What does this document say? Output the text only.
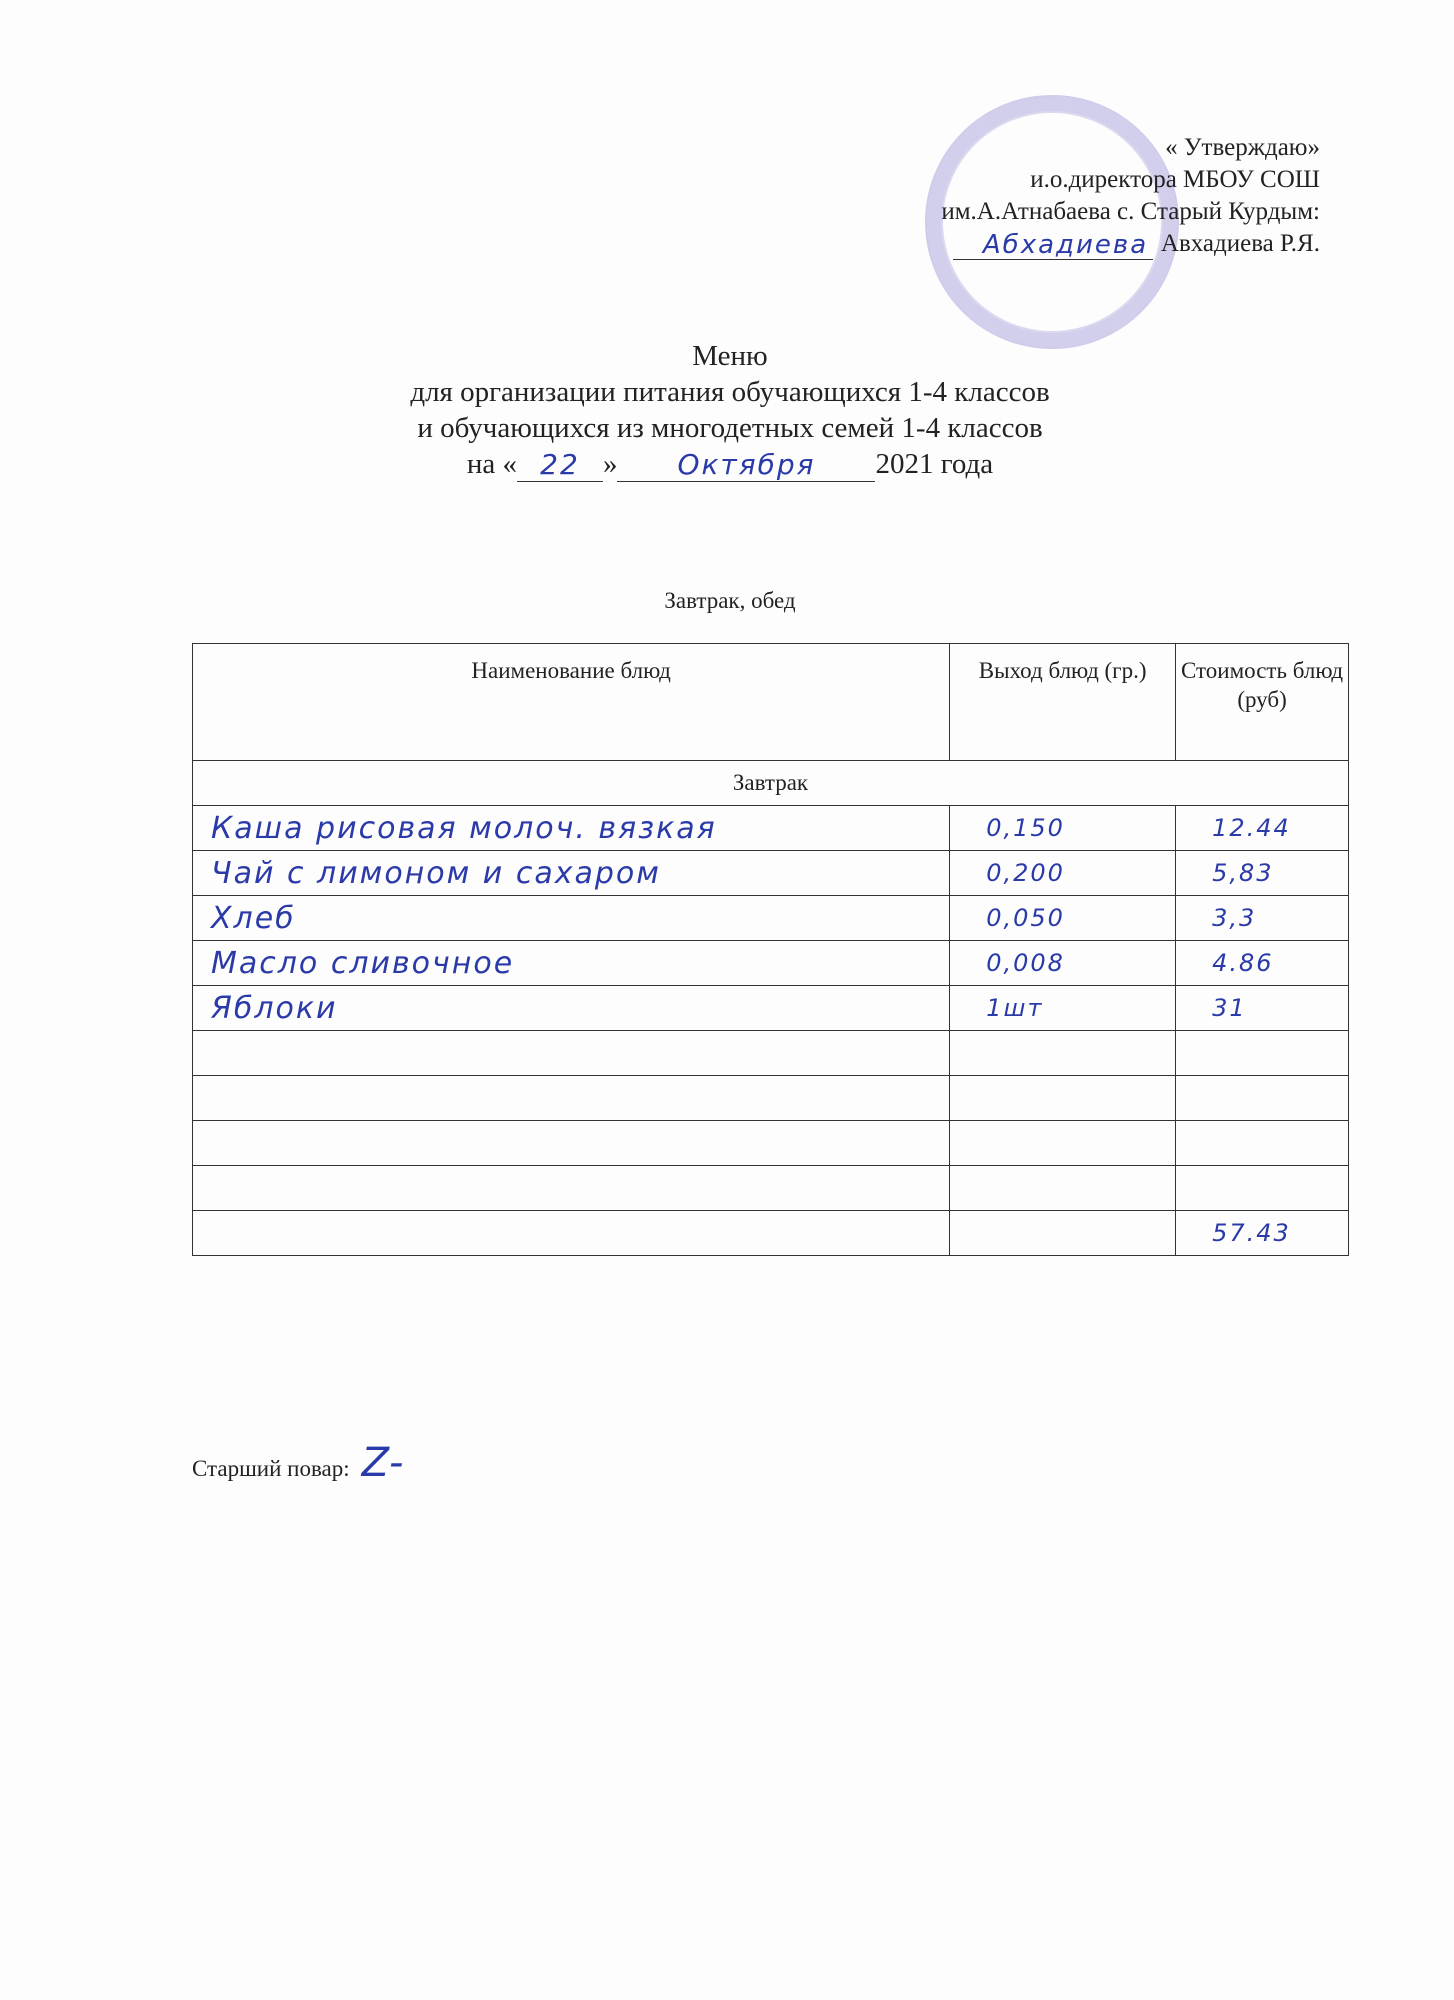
« Утверждаю»
и.о.директора МБОУ СОШ
им.А.Атнабаева с. Старый Курдым:
Абхадиева Авхадиева Р.Я.
Меню
для организации питания обучающихся 1-4 классов
и обучающихся из многодетных семей 1-4 классов
на « 22 »	Октября	2021 года
Завтрак, обед
Наименование блюд	Выход блюд (гр.)	Стоимость блюд (руб)
Завтрак		
Каша рисовая молоч. вязкая	0,150	12.44
Чай с лимоном и сахаром	0,200	5,83
Хлеб	0,050	3,3
Масло сливочное	0,008	4.86
Яблоки	1шт	31

		57.43
Старший повар: Z-
